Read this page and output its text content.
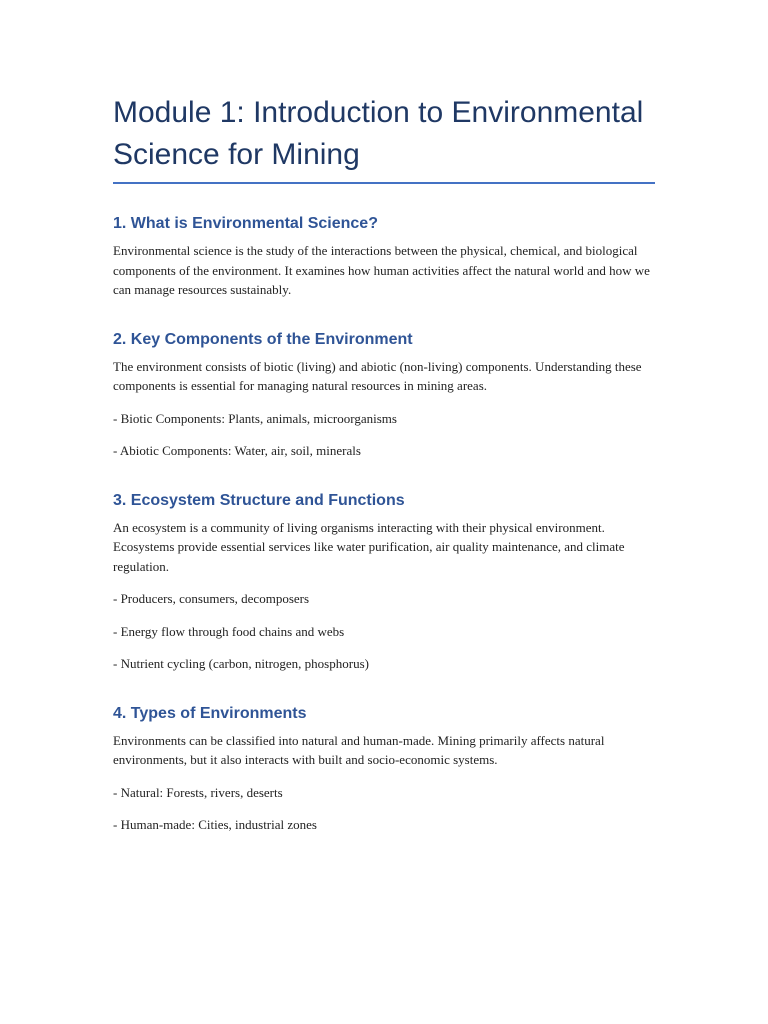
Module 1: Introduction to Environmental Science for Mining
1. What is Environmental Science?

Environmental science is the study of the interactions between the physical, chemical, and biological components of the environment. It examines how human activities affect the natural world and how we can manage resources sustainably.

2. Key Components of the Environment

The environment consists of biotic (living) and abiotic (non-living) components. Understanding these components is essential for managing natural resources in mining areas.

- Biotic Components: Plants, animals, microorganisms

- Abiotic Components: Water, air, soil, minerals

3. Ecosystem Structure and Functions

An ecosystem is a community of living organisms interacting with their physical environment. Ecosystems provide essential services like water purification, air quality maintenance, and climate regulation.

- Producers, consumers, decomposers

- Energy flow through food chains and webs

- Nutrient cycling (carbon, nitrogen, phosphorus)

4. Types of Environments

Environments can be classified into natural and human-made. Mining primarily affects natural environments, but it also interacts with built and socio-economic systems.

- Natural: Forests, rivers, deserts

- Human-made: Cities, industrial zones
